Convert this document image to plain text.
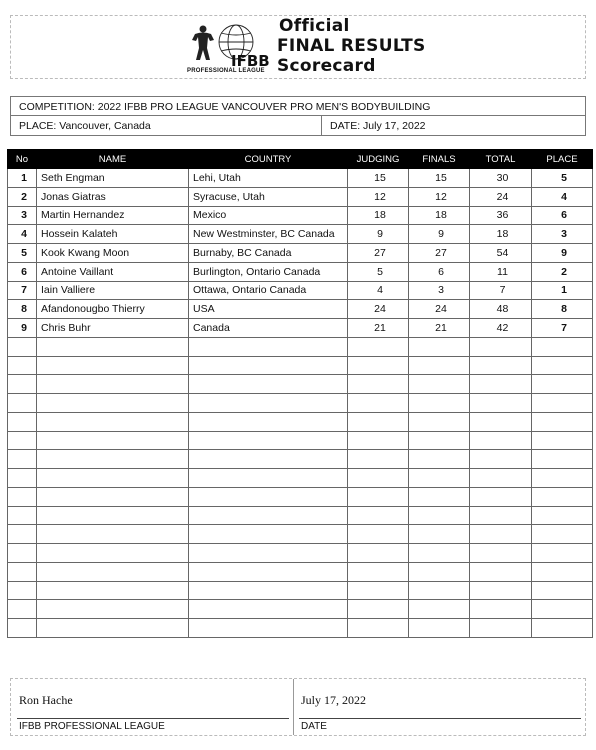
IFBB
PROFESSIONAL LEAGUE
Official
FINAL RESULTS
Scorecard
COMPETITION: 2022 IFBB PRO LEAGUE VANCOUVER PRO MEN'S BODYBUILDING
PLACE: Vancouver, Canada	DATE: July 17, 2022
No	NAME	COUNTRY	JUDGING	FINALS	TOTAL	PLACE
1	Seth Engman	Lehi, Utah	15	15	30	5
2	Jonas Giatras	Syracuse, Utah	12	12	24	4
3	Martin Hernandez	Mexico	18	18	36	6
4	Hossein Kalateh	New Westminster, BC Canada	9	9	18	3
5	Kook Kwang Moon	Burnaby, BC Canada	27	27	54	9
6	Antoine Vaillant	Burlington, Ontario Canada	5	6	11	2
7	Iain Valliere	Ottawa, Ontario Canada	4	3	7	1
8	Afandonougbo Thierry	USA	24	24	48	8
9	Chris Buhr	Canada	21	21	42	7

Ron Hache	July 17, 2022
IFBB PROFESSIONAL LEAGUE	DATE
